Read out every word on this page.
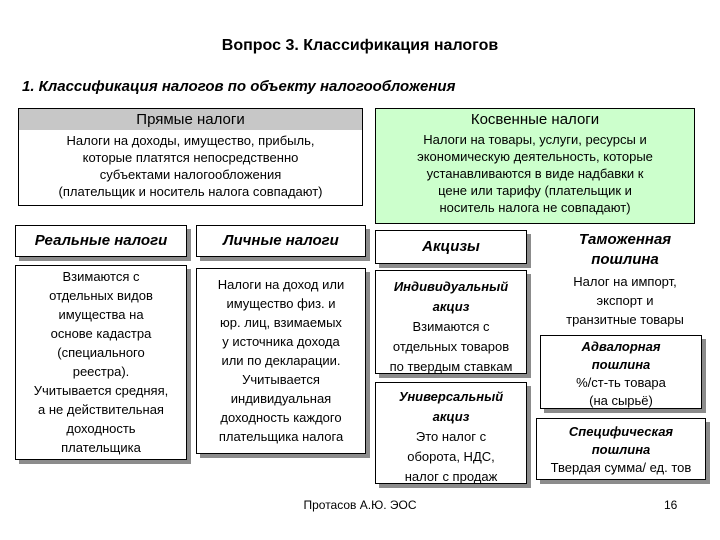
Вопрос 3. Классификация налогов
1. Классификация налогов по объекту налогообложения
Прямые налоги
Налоги на доходы, имущество, прибыль,
которые платятся непосредственно
субъектами налогообложения
(плательщик и носитель налога совпадают)
Косвенные налоги
Налоги на товары, услуги, ресурсы и
экономическую деятельность, которые
устанавливаются в виде надбавки к
цене или тарифу (плательщик и
носитель налога не совпадают)
Реальные налоги	Личные налоги	Акцизы	Таможенная
пошлина
Налог на импорт,
экспорт и
транзитные товары
Взимаются с
отдельных видов
имущества на
основе кадастра
(специального
реестра).
Учитывается средняя,
а не действительная
доходность
плательщика
Налоги на доход или
имущество физ. и
юр. лиц, взимаемых
у источника дохода
или по декларации.
Учитывается
индивидуальная
доходность каждого
плательщика налога
Индивидуальный
акциз
Взимаются с
отдельных товаров
по твердым ставкам
Универсальный
акциз
Это налог с
оборота, НДС,
налог с продаж
Адвалорная
пошлина
%/ст-ть товара
(на сырьё)
Специфическая
пошлина
Твердая сумма/ ед. тов
Протасов А.Ю. ЭОС	16
